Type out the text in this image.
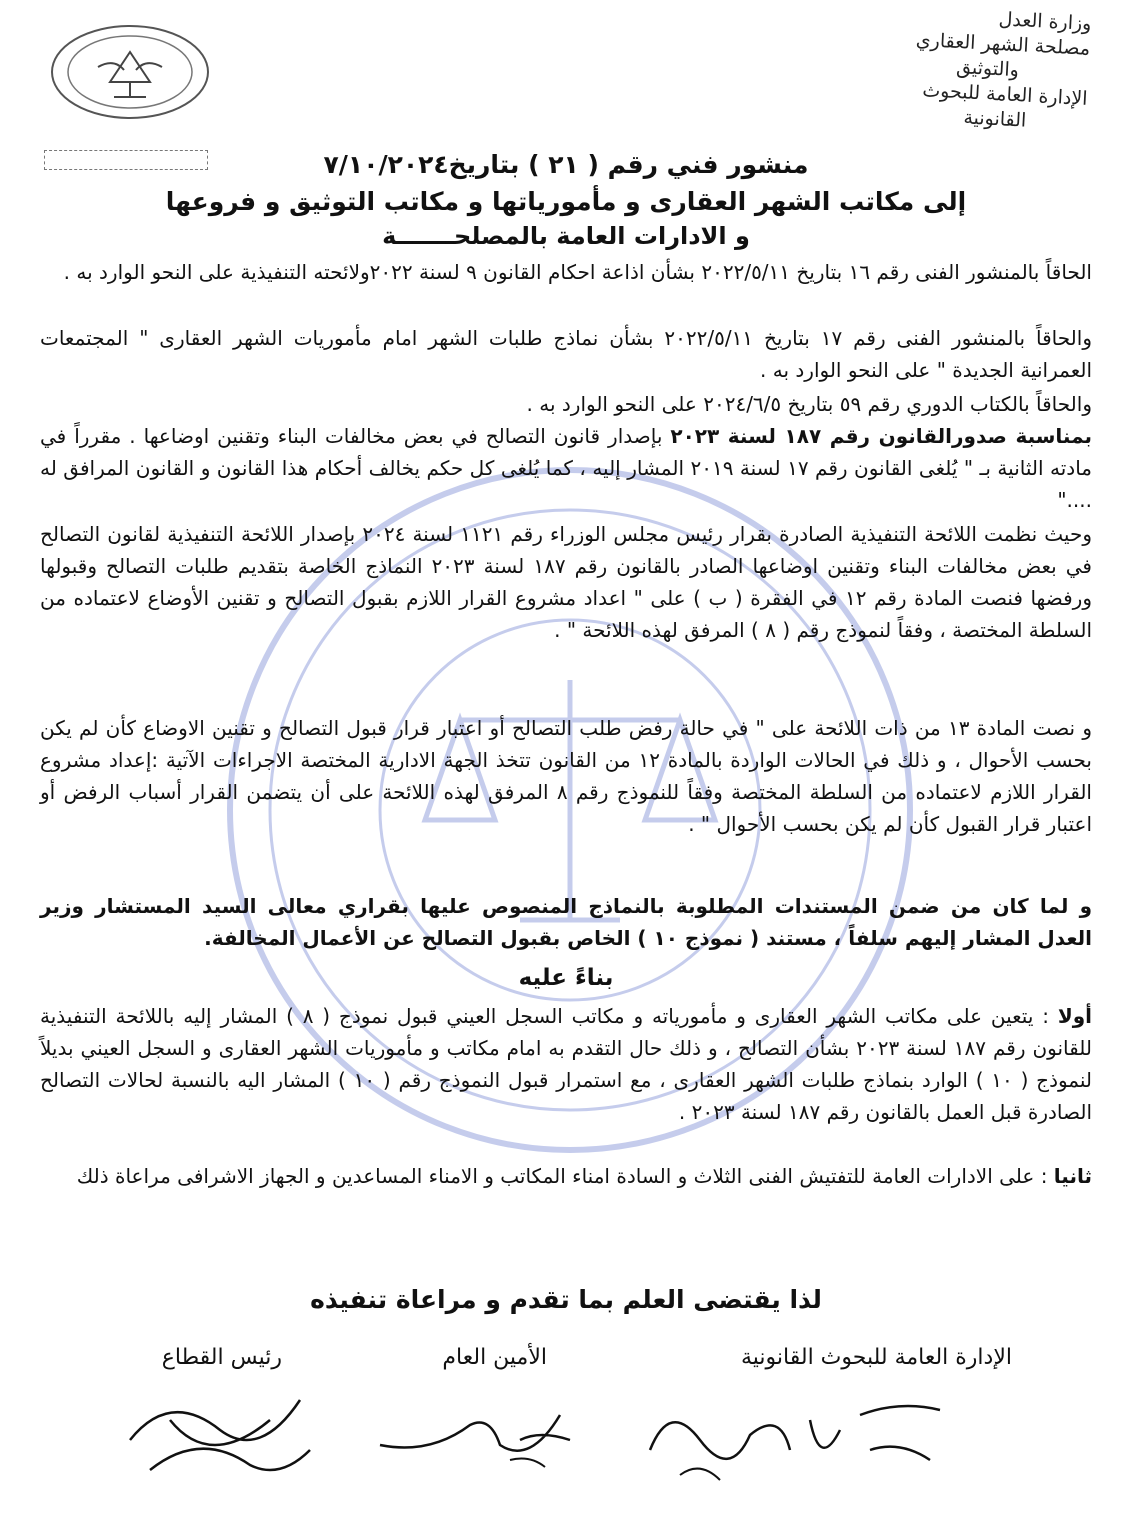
وزارة العدل
مصلحة الشهر العقاري
والتوثيق
الإدارة العامة للبحوث
القانونية
منشور فني رقم ( ٢١ ) بتاريخ٧/١٠/٢٠٢٤
إلى مكاتب الشهر العقارى و مأمورياتها و مكاتب التوثيق و فروعها
و الادارات العامة بالمصلحـــــــة

الحاقاً بالمنشور الفنى رقم ١٦ بتاريخ ٢٠٢٢/٥/١١ بشأن اذاعة احكام القانون ٩ لسنة ٢٠٢٢ولائحته التنفيذية على النحو الوارد به .

والحاقاً بالمنشور الفنى رقم ١٧ بتاريخ ٢٠٢٢/٥/١١ بشأن نماذج طلبات الشهر امام مأموريات الشهر العقارى " المجتمعات العمرانية الجديدة " على النحو الوارد به .

والحاقاً بالكتاب الدوري رقم ٥٩ بتاريخ ٢٠٢٤/٦/٥ على النحو الوارد به .

بمناسبة صدورالقانون رقم ١٨٧ لسنة ٢٠٢٣ بإصدار قانون التصالح في بعض مخالفات البناء وتقنين اوضاعها . مقرراً في مادته الثانية بـ " يُلغى القانون رقم ١٧ لسنة ٢٠١٩ المشار إليه ، كما يُلغى كل حكم يخالف أحكام هذا القانون و القانون المرافق له ...."

وحيث نظمت اللائحة التنفيذية الصادرة بقرار رئيس مجلس الوزراء رقم ١١٢١ لسنة ٢٠٢٤ بإصدار اللائحة التنفيذية لقانون التصالح في بعض مخالفات البناء وتقنين اوضاعها الصادر بالقانون رقم ١٨٧ لسنة ٢٠٢٣ النماذج الخاصة بتقديم طلبات التصالح وقبولها ورفضها فنصت المادة رقم ١٢ في الفقرة ( ب ) على " اعداد مشروع القرار اللازم بقبول التصالح و تقنين الأوضاع لاعتماده من السلطة المختصة ، وفقاً لنموذج رقم ( ٨ ) المرفق لهذه اللائحة " .

و نصت المادة ١٣ من ذات اللائحة على " في حالة رفض طلب التصالح أو اعتبار قرار قبول التصالح و تقنين الاوضاع كأن لم يكن بحسب الأحوال ، و ذلك في الحالات الواردة بالمادة ١٢ من القانون تتخذ الجهة الادارية المختصة الاجراءات الآتية :إعداد مشروع القرار اللازم لاعتماده من السلطة المختصة وفقاً للنموذج رقم ٨ المرفق لهذه اللائحة على أن يتضمن القرار أسباب الرفض أو اعتبار قرار القبول كأن لم يكن بحسب الأحوال " .

و لما كان من ضمن المستندات المطلوبة بالنماذج المنصوص عليها بقراري معالى السيد المستشار وزير العدل المشار إليهم سلفاً ، مستند ( نموذج ١٠ ) الخاص بقبول التصالح عن الأعمال المخالفة.

بناءً عليه

أولا : يتعين على مكاتب الشهر العقارى و مأمورياته و مكاتب السجل العيني قبول نموذج ( ٨ ) المشار إليه باللائحة التنفيذية للقانون رقم ١٨٧ لسنة ٢٠٢٣ بشأن التصالح ، و ذلك حال التقدم به امام مكاتب و مأموريات الشهر العقارى و السجل العيني بديلاً لنموذج ( ١٠ ) الوارد بنماذج طلبات الشهر العقارى ، مع استمرار قبول النموذج رقم ( ١٠ ) المشار اليه بالنسبة لحالات التصالح الصادرة قبل العمل بالقانون رقم ١٨٧ لسنة ٢٠٢٣ .

ثانيا : على الادارات العامة للتفتيش الفنى الثلاث و السادة امناء المكاتب و الامناء المساعدين و الجهاز الاشرافى مراعاة ذلك

لذا يقتضى العلم بما تقدم و مراعاة تنفيذه
الإدارة العامة للبحوث القانونية
الأمين العام
رئيس القطاع
